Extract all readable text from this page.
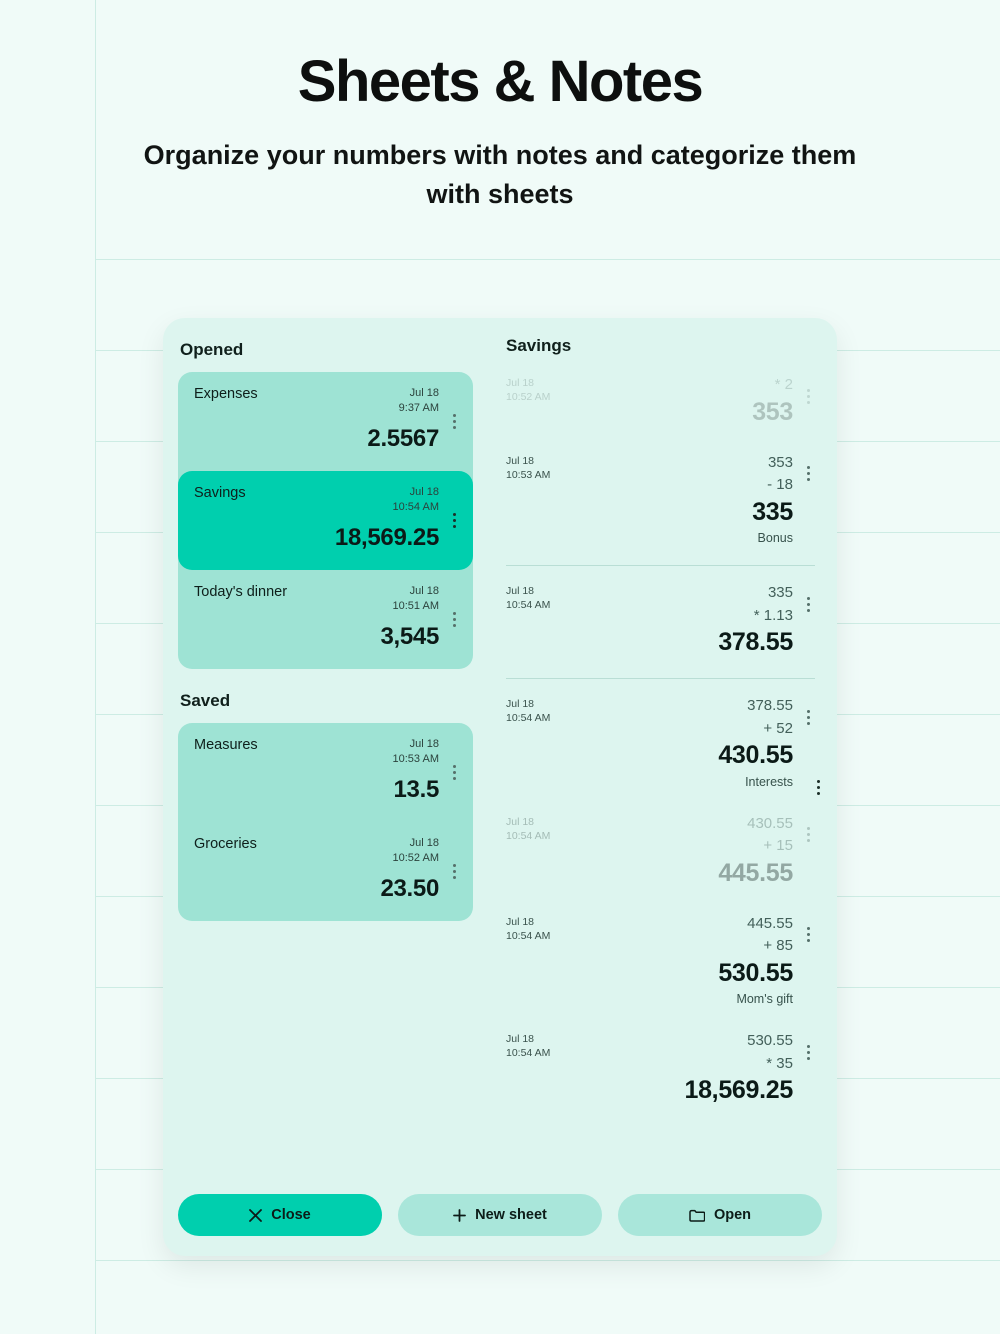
Sheets & Notes
Organize your numbers with notes and categorize them with sheets
Opened
Expenses	Jul 18
9:37 AM
2.5567
Savings	Jul 18
10:54 AM
18,569.25
Today's dinner	Jul 18
10:51 AM
3,545
Saved
Measures	Jul 18
10:53 AM
13.5
Groceries	Jul 18
10:52 AM
23.50
Savings
Jul 18
10:52 AM
* 2
353
Jul 18
10:53 AM
353
- 18
335
Bonus
Jul 18
10:54 AM
335
* 1.13
378.55
Jul 18
10:54 AM
378.55
+ 52
430.55
Interests
Jul 18
10:54 AM
430.55
+ 15
445.55
Jul 18
10:54 AM
445.55
+ 85
530.55
Mom's gift
Jul 18
10:54 AM
530.55
* 35
18,569.25
Close	New sheet	Open
